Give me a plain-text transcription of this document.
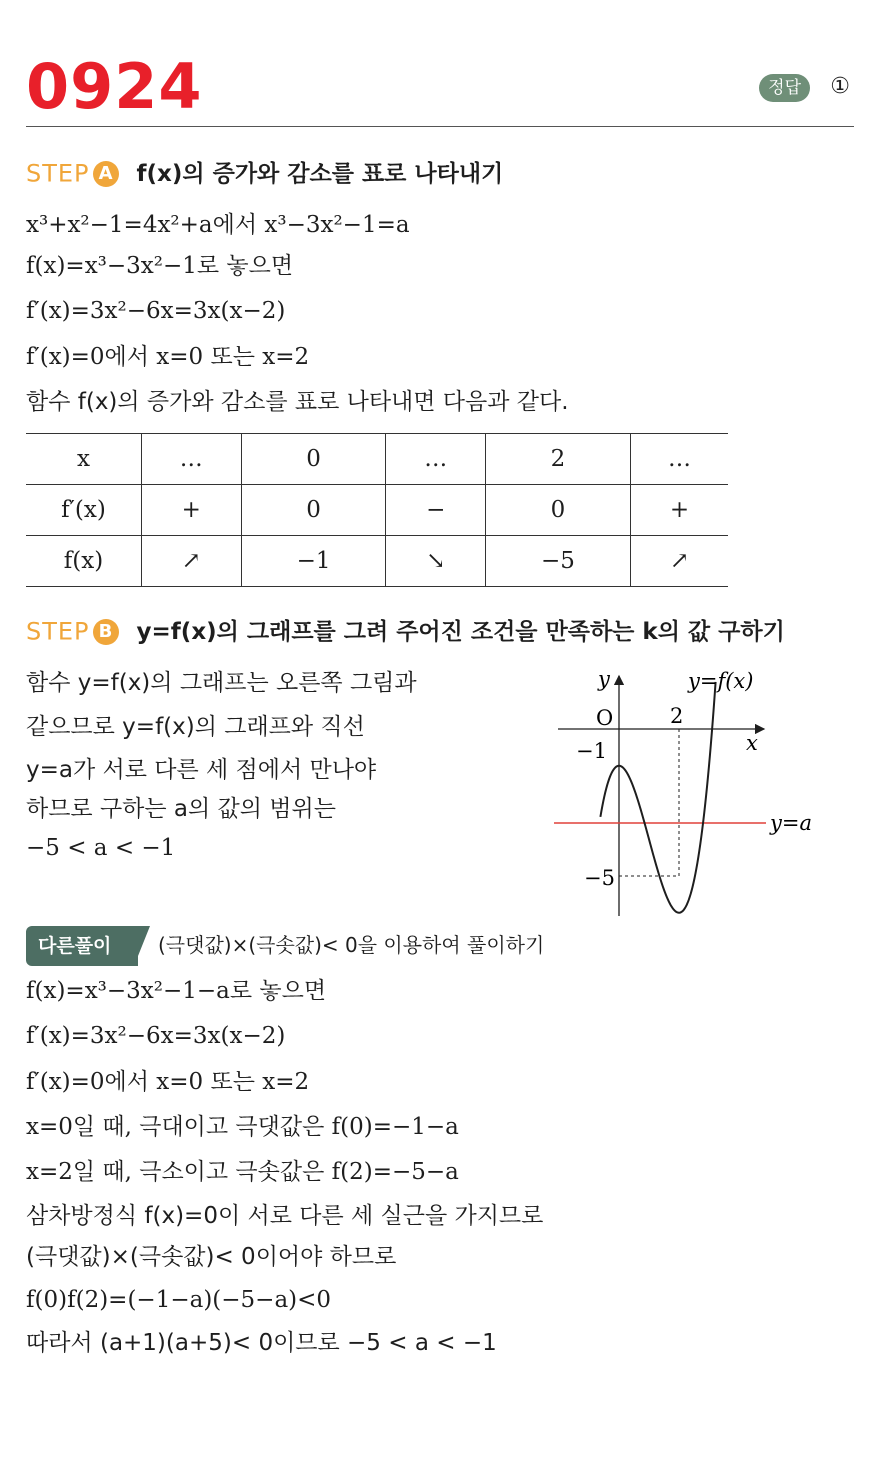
0924	정답	①
STEP A f(x)의 증가와 감소를 표로 나타내기
x³+x²−1=4x²+a에서 x³−3x²−1=a
f(x)=x³−3x²−1로 놓으면
f′(x)=3x²−6x=3x(x−2)
f′(x)=0에서 x=0 또는 x=2
함수 f(x)의 증가와 감소를 표로 나타내면 다음과 같다.
x	…	0	…	2	…
f′(x)	+	0	−	0	+
f(x)	↗	−1	↘	−5	↗
STEP B y=f(x)의 그래프를 그려 주어진 조건을 만족하는 k의 값 구하기
함수 y=f(x)의 그래프는 오른쪽 그림과
같으므로 y=f(x)의 그래프와 직선
y=a가 서로 다른 세 점에서 만나야
하므로 구하는 a의 값의 범위는
−5 < a < −1
y
x
O	2
−1
−5
y=f(x)
y=a
다른풀이 (극댓값)×(극솟값)< 0을 이용하여 풀이하기
f(x)=x³−3x²−1−a로 놓으면
f′(x)=3x²−6x=3x(x−2)
f′(x)=0에서 x=0 또는 x=2
x=0일 때, 극대이고 극댓값은 f(0)=−1−a
x=2일 때, 극소이고 극솟값은 f(2)=−5−a
삼차방정식 f(x)=0이 서로 다른 세 실근을 가지므로
(극댓값)×(극솟값)< 0이어야 하므로
f(0)f(2)=(−1−a)(−5−a)<0
따라서 (a+1)(a+5)< 0이므로 −5 < a < −1
